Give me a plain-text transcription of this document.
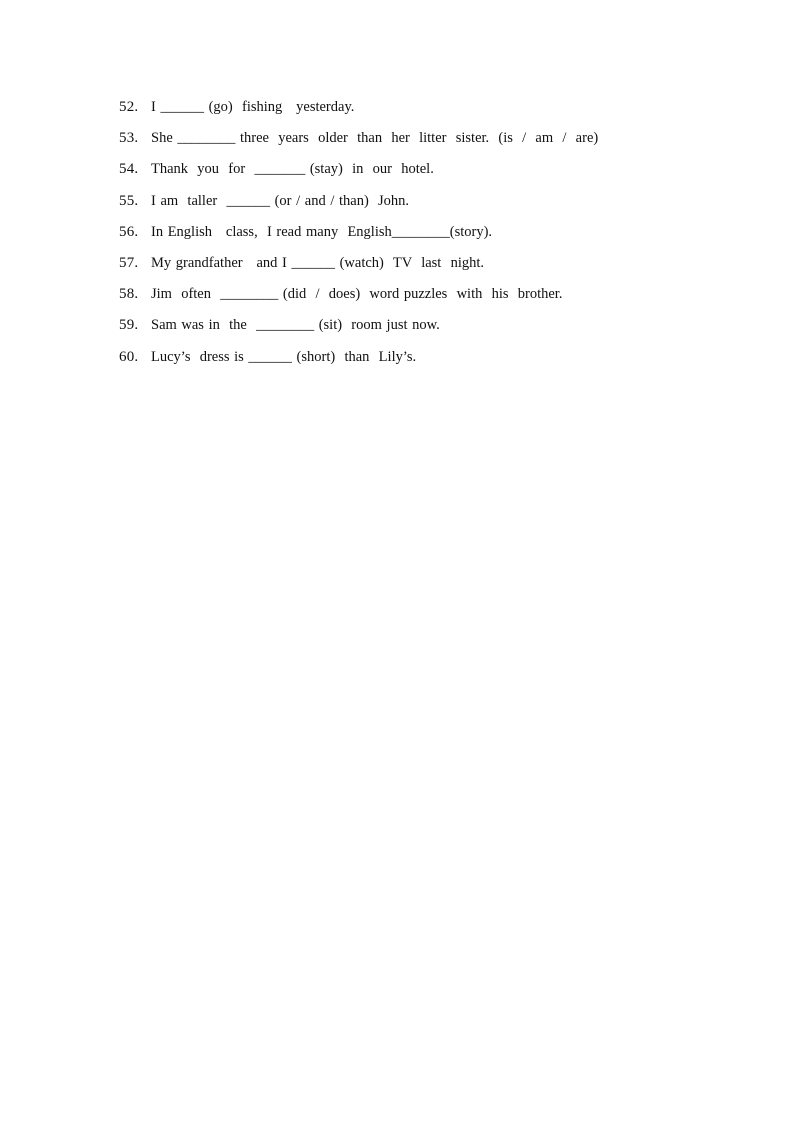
52. I ______ (go)  fishing   yesterday.
53. She ________ three  years  older  than  her  litter  sister.  (is  /  am  /  are)
54. Thank  you  for  _______ (stay)  in  our  hotel.
55. I am  taller  ______ (or / and / than)  John.
56. In English   class,  I read many  English________(story).
57. My grandfather   and I ______ (watch)  TV  last  night.
58. Jim  often  ________ (did  /  does)  word puzzles  with  his  brother.
59. Sam was in  the  ________ (sit)  room just now.
60. Lucy’s  dress is ______ (short)  than  Lily’s.
